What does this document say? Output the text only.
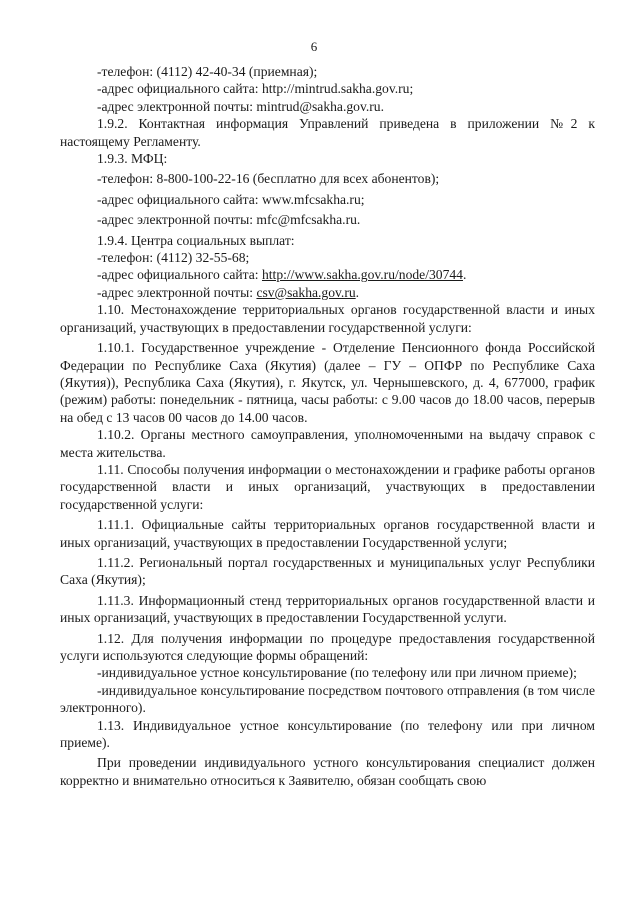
6

-телефон: (4112) 42-40-34 (приемная);

-адрес официального сайта: http://mintrud.sakha.gov.ru;

-адрес электронной почты: mintrud@sakha.gov.ru.

1.9.2. Контактная информация Управлений приведена в приложении №2 к настоящему Регламенту.

1.9.3. МФЦ:

-телефон: 8-800-100-22-16 (бесплатно для всех абонентов);

-адрес официального сайта: www.mfcsakha.ru;

-адрес электронной почты: mfc@mfcsakha.ru.

1.9.4. Центра социальных выплат:

-телефон: (4112) 32-55-68;

-адрес официального сайта: http://www.sakha.gov.ru/node/30744.

-адрес электронной почты: csv@sakha.gov.ru.

1.10. Местонахождение территориальных органов государственной власти и иных организаций, участвующих в предоставлении государственной услуги:

1.10.1. Государственное учреждение - Отделение Пенсионного фонда Российской Федерации по Республике Саха (Якутия) (далее – ГУ – ОПФР по Республике Саха (Якутия)), Республика Саха (Якутия), г. Якутск, ул. Чернышевского, д. 4, 677000, график (режим) работы: понедельник - пятница, часы работы: с 9.00 часов до 18.00 часов, перерыв на обед с 13 часов 00 часов до 14.00 часов.

1.10.2. Органы местного самоуправления, уполномоченными на выдачу справок с места жительства.

1.11. Способы получения информации о местонахождении и графике работы органов государственной власти и иных организаций, участвующих в предоставлении государственной услуги:

1.11.1. Официальные сайты территориальных органов государственной власти и иных организаций, участвующих в предоставлении Государственной услуги;

1.11.2. Региональный портал государственных и муниципальных услуг Республики Саха (Якутия);

1.11.3. Информационный стенд территориальных органов государственной власти и иных организаций, участвующих в предоставлении Государственной услуги.

1.12. Для получения информации по процедуре предоставления государственной услуги используются следующие формы обращений:

-индивидуальное устное консультирование (по телефону или при личном приеме);

-индивидуальное консультирование посредством почтового отправления (в том числе электронного).

1.13. Индивидуальное устное консультирование (по телефону или при личном приеме).

При проведении индивидуального устного консультирования специалист должен корректно и внимательно относиться к Заявителю, обязан сообщать свою
